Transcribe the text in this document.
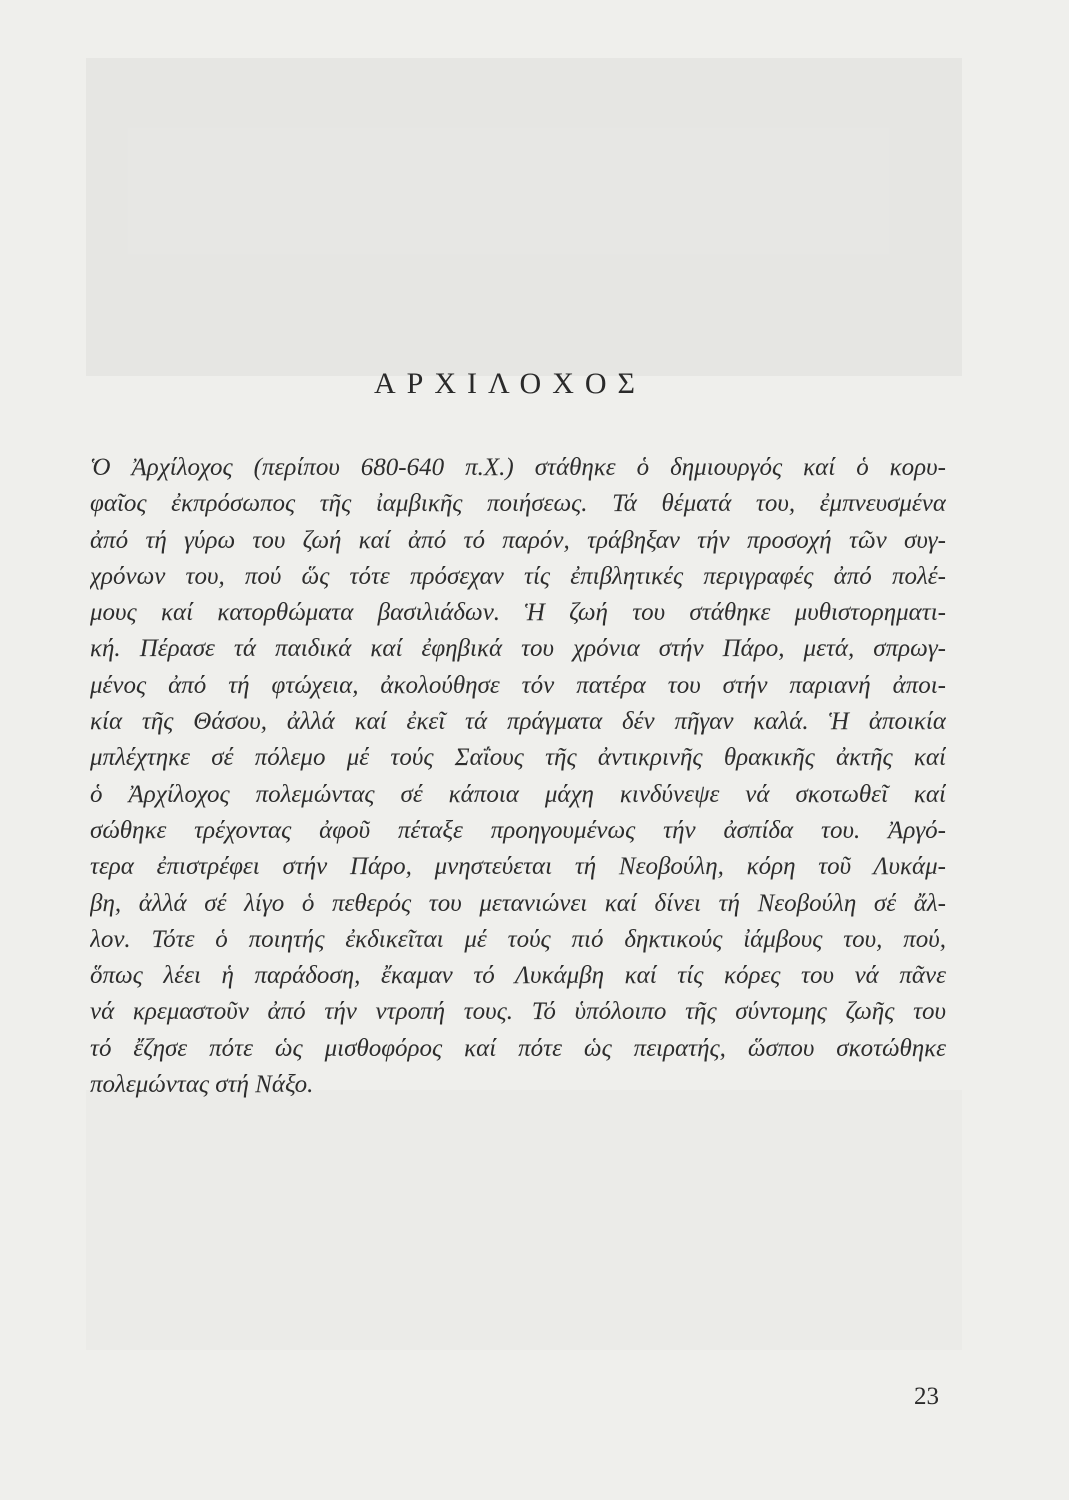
ΑΡΧΙΛΟΧΟΣ
Ὁ Ἀρχίλοχος (περίπου 680-640 π.Χ.) στάθηκε ὁ δημιουργός καί ὁ κορυ-
φαῖος ἐκπρόσωπος τῆς ἰαμβικῆς ποιήσεως. Τά θέματά του, ἐμπνευσμένα
ἀπό τή γύρω του ζωή καί ἀπό τό παρόν, τράβηξαν τήν προσοχή τῶν συγ-
χρόνων του, πού ὥς τότε πρόσεχαν τίς ἐπιβλητικές περιγραφές ἀπό πολέ-
μους καί κατορθώματα βασιλιάδων. Ἡ ζωή του στάθηκε μυθιστορηματι-
κή. Πέρασε τά παιδικά καί ἐφηβικά του χρόνια στήν Πάρο, μετά, σπρωγ-
μένος ἀπό τή φτώχεια, ἀκολούθησε τόν πατέρα του στήν παριανή ἀποι-
κία τῆς Θάσου, ἀλλά καί ἐκεῖ τά πράγματα δέν πῆγαν καλά. Ἡ ἀποικία
μπλέχτηκε σέ πόλεμο μέ τούς Σαΐους τῆς ἀντικρινῆς θρακικῆς ἀκτῆς καί
ὁ Ἀρχίλοχος πολεμώντας σέ κάποια μάχη κινδύνεψε νά σκοτωθεῖ καί
σώθηκε τρέχοντας ἀφοῦ πέταξε προηγουμένως τήν ἀσπίδα του. Ἀργό-
τερα ἐπιστρέφει στήν Πάρο, μνηστεύεται τή Νεοβούλη, κόρη τοῦ Λυκάμ-
βη, ἀλλά σέ λίγο ὁ πεθερός του μετανιώνει καί δίνει τή Νεοβούλη σέ ἄλ-
λον. Τότε ὁ ποιητής ἐκδικεῖται μέ τούς πιό δηκτικούς ἰάμβους του, πού,
ὅπως λέει ἡ παράδοση, ἔκαμαν τό Λυκάμβη καί τίς κόρες του νά πᾶνε
νά κρεμαστοῦν ἀπό τήν ντροπή τους. Τό ὑπόλοιπο τῆς σύντομης ζωῆς του
τό ἔζησε πότε ὡς μισθοφόρος καί πότε ὡς πειρατής, ὥσπου σκοτώθηκε
πολεμώντας στή Νάξο.
23
